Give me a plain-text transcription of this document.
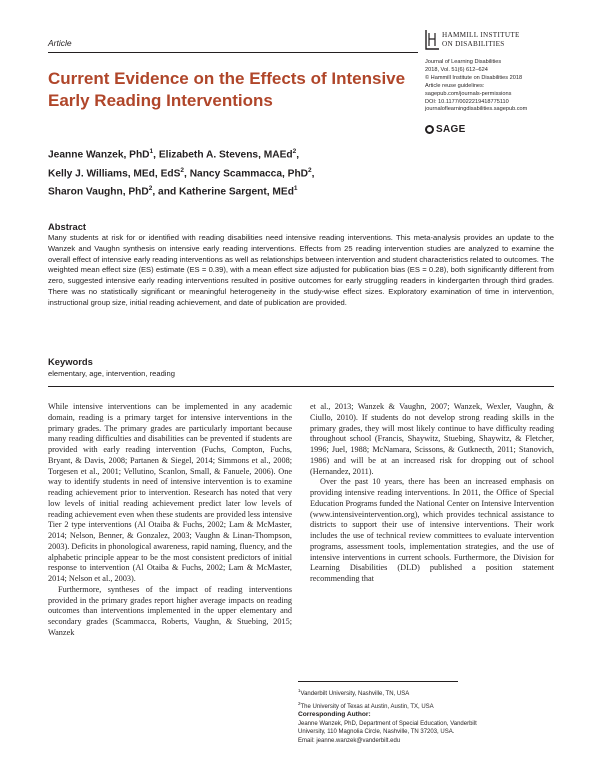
Article
HAMMILL INSTITUTE
ON DISABILITIES
Journal of Learning Disabilities
2018, Vol. 51(6) 612–624
© Hammill Institute on Disabilities 2018
Article reuse guidelines:
sagepub.com/journals-permissions
DOI: 10.1177/0022219418775110
journaloflearningdisabilities.sagepub.com
SAGE
Current Evidence on the Effects of Intensive Early Reading Interventions
Jeanne Wanzek, PhD$^1$, Elizabeth A. Stevens, MAEd$^2$,
Kelly J. Williams, MEd, EdS$^2$, Nancy Scammacca, PhD$^2$,
Sharon Vaughn, PhD$^2$, and Katherine Sargent, MEd$^1$
Abstract

Many students at risk for or identified with reading disabilities need intensive reading interventions. This meta-analysis provides an update to the Wanzek and Vaughn synthesis on intensive early reading interventions. Effects from 25 reading intervention studies are analyzed to examine the overall effect of intensive early reading interventions as well as relationships between intervention and student characteristics related to outcomes. The weighted mean effect size (ES) estimate (ES = 0.39), with a mean effect size adjusted for publication bias (ES = 0.28), both significantly different from zero, suggested intensive early reading interventions resulted in positive outcomes for early struggling readers in kindergarten through third grades. There was no statistically significant or meaningful heterogeneity in the study-wise effect sizes. Exploratory examination of time in intervention, instructional group size, initial reading achievement, and date of publication are provided.

Keywords
elementary, age, intervention, reading

While intensive interventions can be implemented in any academic domain, reading is a primary target for intensive interventions in the primary grades. The primary grades are particularly important because many reading difficulties and disabilities can be prevented if students are provided with early reading intervention (Fuchs, Compton, Fuchs, Bryant, & Davis, 2008; Partanen & Siegel, 2014; Simmons et al., 2008; Torgesen et al., 2001; Vellutino, Scanlon, Small, & Fanuele, 2006). One way to identify students in need of intensive intervention is to examine reading achievement prior to intervention. Research has noted that very low levels of initial reading achievement predict later low levels of reading achievement even when these students are provided less intensive Tier 2 type interventions (Al Otaiba & Fuchs, 2002; Lam & McMaster, 2014; Nelson, Benner, & Gonzalez, 2003; Vaughn & Linan-Thompson, 2003). Deficits in phonological awareness, rapid naming, fluency, and the alphabetic principle appear to be the most consistent predictors of initial response to intervention (Al Otaiba & Fuchs, 2002; Lam & McMaster, 2014; Nelson et al., 2003).

Furthermore, syntheses of the impact of reading interventions provided in the primary grades report higher average impacts on reading outcomes than interventions implemented in the upper elementary and secondary grades (Scammacca, Roberts, Vaughn, & Stuebing, 2015; Wanzek

et al., 2013; Wanzek & Vaughn, 2007; Wanzek, Wexler, Vaughn, & Ciullo, 2010). If students do not develop strong reading skills in the primary grades, they will most likely continue to have difficulty reading throughout school (Francis, Shaywitz, Stuebing, Shaywitz, & Fletcher, 1996; Juel, 1988; McNamara, Scissons, & Gutknecth, 2011; Stanovich, 1986) and will be at an increased risk for dropping out of school (Hernandez, 2011).

Over the past 10 years, there has been an increased emphasis on providing intensive reading interventions. In 2011, the Office of Special Education Programs funded the National Center on Intensive Intervention (www.intensiveintervention.org), which provides technical assistance to districts to support their use of intensive interventions. Their work includes the use of technical review committees to evaluate intervention programs, assessment tools, implementation strategies, and the use of intensive interventions in current schools. Furthermore, the Division for Learning Disabilities (DLD) published a position statement recommending that

$^1$Vanderbilt University, Nashville, TN, USA
$^2$The University of Texas at Austin, Austin, TX, USA
Corresponding Author:
Jeanne Wanzek, PhD, Department of Special Education, Vanderbilt
University, 110 Magnolia Circle, Nashville, TN 37203, USA.
Email: jeanne.wanzek@vanderbilt.edu
